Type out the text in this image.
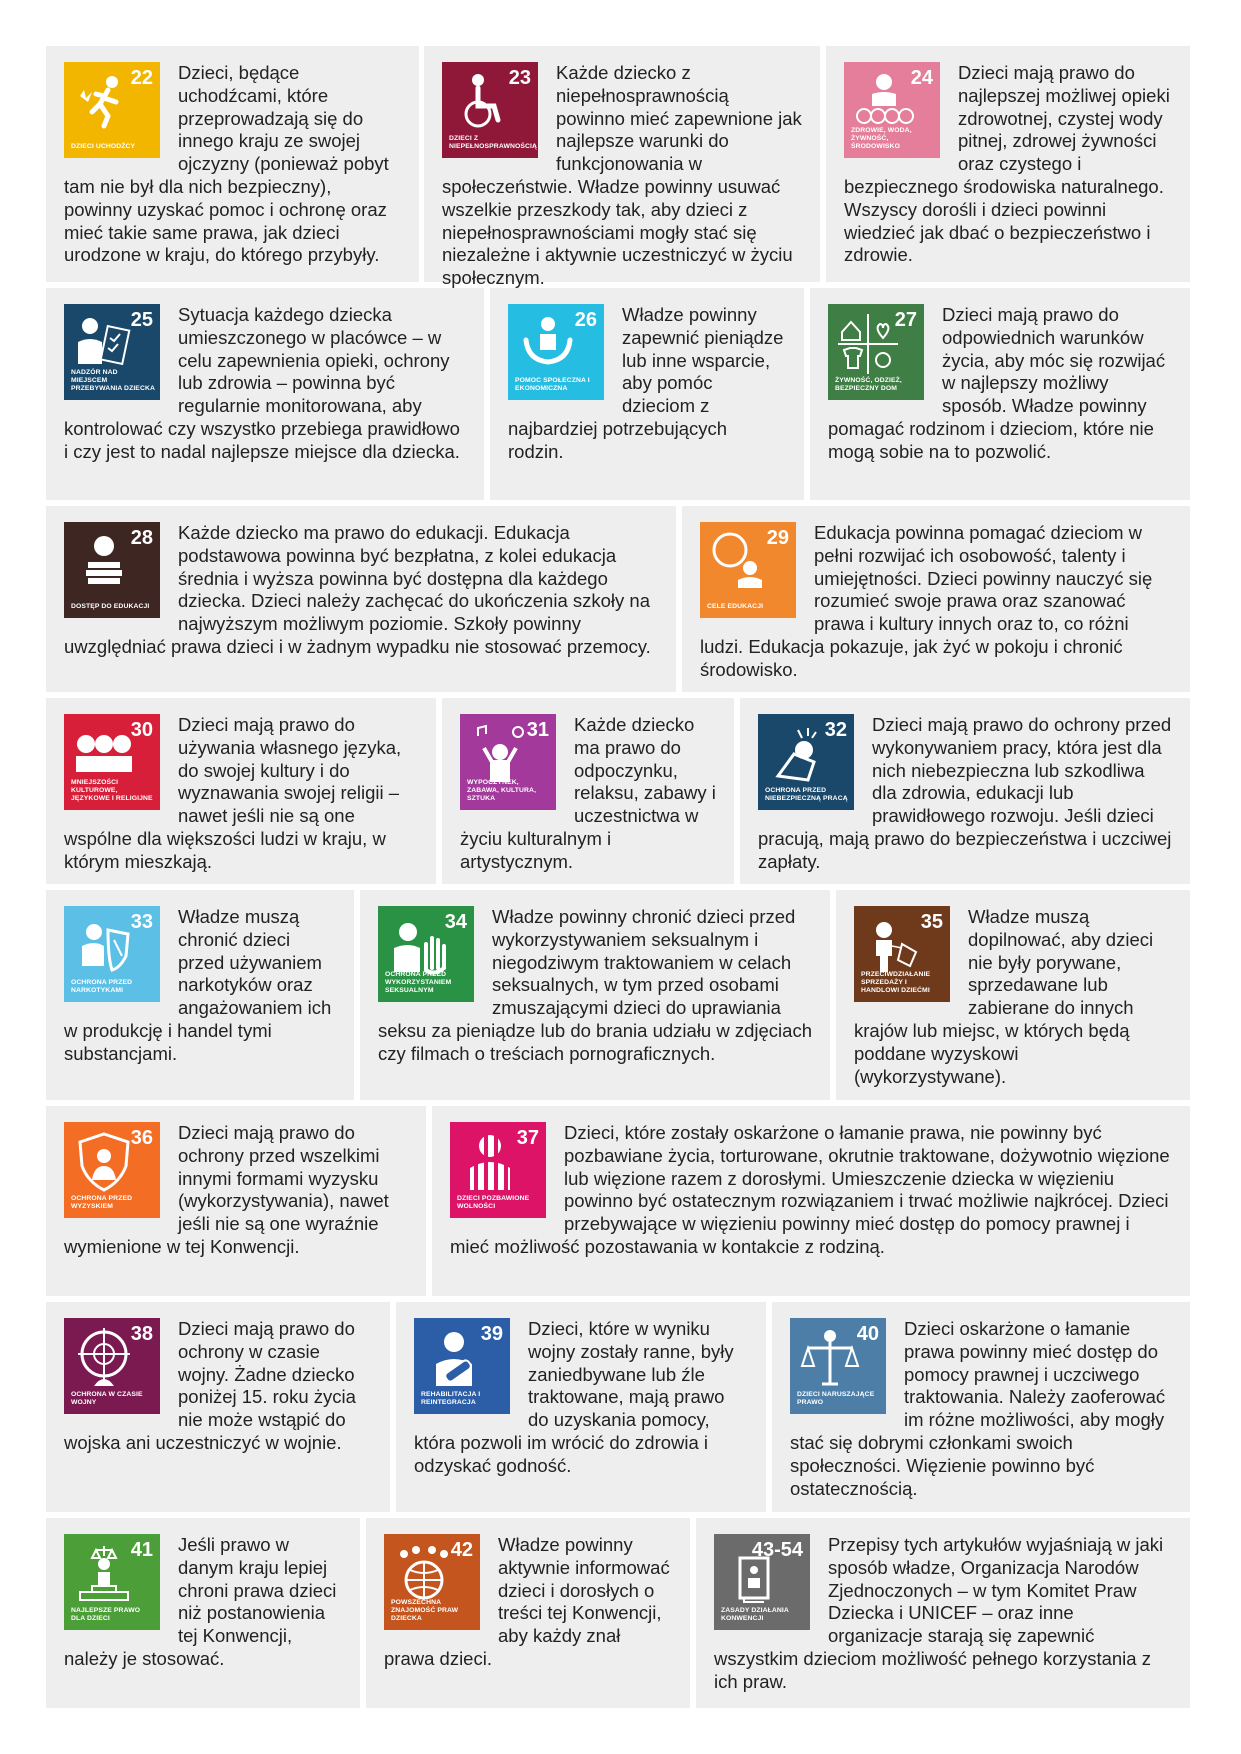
22
DZIECI UCHODŹCY
Dzieci, będące uchodźcami, które przeprowadzają się do innego kraju ze swojej ojczyzny (ponieważ pobyt tam nie był dla nich bezpieczny), powinny uzyskać pomoc i ochronę oraz mieć takie same prawa, jak dzieci urodzone w kraju, do którego przybyły.
23
DZIECI Z NIEPEŁNOSPRAWNOŚCIĄ
Każde dziecko z niepełnosprawnością powinno mieć zapewnione jak najlepsze warunki do funkcjonowania w społeczeństwie. Władze powinny usuwać wszelkie przeszkody tak, aby dzieci z niepełnosprawnościami mogły stać się niezależne i aktywnie uczestniczyć w życiu społecznym.
24
ZDROWIE, WODA, ŻYWNOŚĆ, ŚRODOWISKO
Dzieci mają prawo do najlepszej możliwej opieki zdrowotnej, czystej wody pitnej, zdrowej żywności oraz czystego i bezpiecznego środowiska naturalnego. Wszyscy dorośli i dzieci powinni wiedzieć jak dbać o bezpieczeństwo i zdrowie.
25
NADZÓR NAD MIEJSCEM PRZEBYWANIA DZIECKA
Sytuacja każdego dziecka umieszczonego w placówce – w celu zapewnienia opieki, ochrony lub zdrowia – powinna być regularnie monitorowana, aby kontrolować czy wszystko przebiega prawidłowo i czy jest to nadal najlepsze miejsce dla dziecka.
26
POMOC SPOŁECZNA I EKONOMICZNA
Władze powinny zapewnić pieniądze lub inne wsparcie, aby pomóc dzieciom z najbardziej potrzebujących rodzin.
27
ŻYWNOŚĆ, ODZIEŻ, BEZPIECZNY DOM
Dzieci mają prawo do odpowiednich warunków życia, aby móc się rozwijać w najlepszy możliwy sposób. Władze powinny pomagać rodzinom i dzieciom, które nie mogą sobie na to pozwolić.
28
DOSTĘP DO EDUKACJI
Każde dziecko ma prawo do edukacji. Edukacja podstawowa powinna być bezpłatna, z kolei edukacja średnia i wyższa powinna być dostępna dla każdego dziecka. Dzieci należy zachęcać do ukończenia szkoły na najwyższym możliwym poziomie. Szkoły powinny uwzględniać prawa dzieci i w żadnym wypadku nie stosować przemocy.
29
CELE EDUKACJI
Edukacja powinna pomagać dzieciom w pełni rozwijać ich osobowość, talenty i umiejętności. Dzieci powinny nauczyć się rozumieć swoje prawa oraz szanować prawa i kultury innych oraz to, co różni ludzi. Edukacja pokazuje, jak żyć w pokoju i chronić środowisko.
30
MNIEJSZOŚCI KULTUROWE, JĘZYKOWE I RELIGIJNE
Dzieci mają prawo do używania własnego języka, do swojej kultury i do wyznawania swojej religii – nawet jeśli nie są one wspólne dla większości ludzi w kraju, w którym mieszkają.
31
WYPOCZYNEK, ZABAWA, KULTURA, SZTUKA
Każde dziecko ma prawo do odpoczynku, relaksu, zabawy i uczestnictwa w życiu kulturalnym i artystycznym.
32
OCHRONA PRZED NIEBEZPIECZNĄ PRACĄ
Dzieci mają prawo do ochrony przed wykonywaniem pracy, która jest dla nich niebezpieczna lub szkodliwa dla zdrowia, edukacji lub prawidłowego rozwoju. Jeśli dzieci pracują, mają prawo do bezpieczeństwa i uczciwej zapłaty.
33
OCHRONA PRZED NARKOTYKAMI
Władze muszą chronić dzieci przed używaniem narkotyków oraz angażowaniem ich w produkcję i handel tymi substancjami.
34
OCHRONA PRZED WYKORZYSTANIEM SEKSUALNYM
Władze powinny chronić dzieci przed wykorzystywaniem seksualnym i niegodziwym traktowaniem w celach seksualnych, w tym przed osobami zmuszającymi dzieci do uprawiania seksu za pieniądze lub do brania udziału w zdjęciach czy filmach o treściach pornograficznych.
35
PRZECIWDZIAŁANIE SPRZEDAŻY I HANDLOWI DZIEĆMI
Władze muszą dopilnować, aby dzieci nie były porywane, sprzedawane lub zabierane do innych krajów lub miejsc, w których będą poddane wyzyskowi (wykorzystywane).
36
OCHRONA PRZED WYZYSKIEM
Dzieci mają prawo do ochrony przed wszelkimi innymi formami wyzysku (wykorzystywania), nawet jeśli nie są one wyraźnie wymienione w tej Konwencji.
37
DZIECI POZBAWIONE WOLNOŚCI
Dzieci, które zostały oskarżone o łamanie prawa, nie powinny być pozbawiane życia, torturowane, okrutnie traktowane, dożywotnio więzione lub więzione razem z dorosłymi. Umieszczenie dziecka w więzieniu powinno być ostatecznym rozwiązaniem i trwać możliwie najkrócej. Dzieci przebywające w więzieniu powinny mieć dostęp do pomocy prawnej i mieć możliwość pozostawania w kontakcie z rodziną.
38
OCHRONA W CZASIE WOJNY
Dzieci mają prawo do ochrony w czasie wojny. Żadne dziecko poniżej 15. roku życia nie może wstąpić do wojska ani uczestniczyć w wojnie.
39
REHABILITACJA I REINTEGRACJA
Dzieci, które w wyniku wojny zostały ranne, były zaniedbywane lub źle traktowane, mają prawo do uzyskania pomocy, która pozwoli im wrócić do zdrowia i odzyskać godność.
40
DZIECI NARUSZAJĄCE PRAWO
Dzieci oskarżone o łamanie prawa powinny mieć dostęp do pomocy prawnej i uczciwego traktowania. Należy zaoferować im różne możliwości, aby mogły stać się dobrymi członkami swoich społeczności. Więzienie powinno być ostatecznością.
41
NAJLEPSZE PRAWO DLA DZIECI
Jeśli prawo w danym kraju lepiej chroni prawa dzieci niż postanowienia tej Konwencji, należy je stosować.
42
POWSZECHNA ZNAJOMOŚĆ PRAW DZIECKA
Władze powinny aktywnie informować dzieci i dorosłych o treści tej Konwencji, aby każdy znał prawa dzieci.
43-54
ZASADY DZIAŁANIA KONWENCJI
Przepisy tych artykułów wyjaśniają w jaki sposób władze, Organizacja Narodów Zjednoczonych – w tym Komitet Praw Dziecka i UNICEF – oraz inne organizacje starają się zapewnić wszystkim dzieciom możliwość pełnego korzystania z ich praw.
